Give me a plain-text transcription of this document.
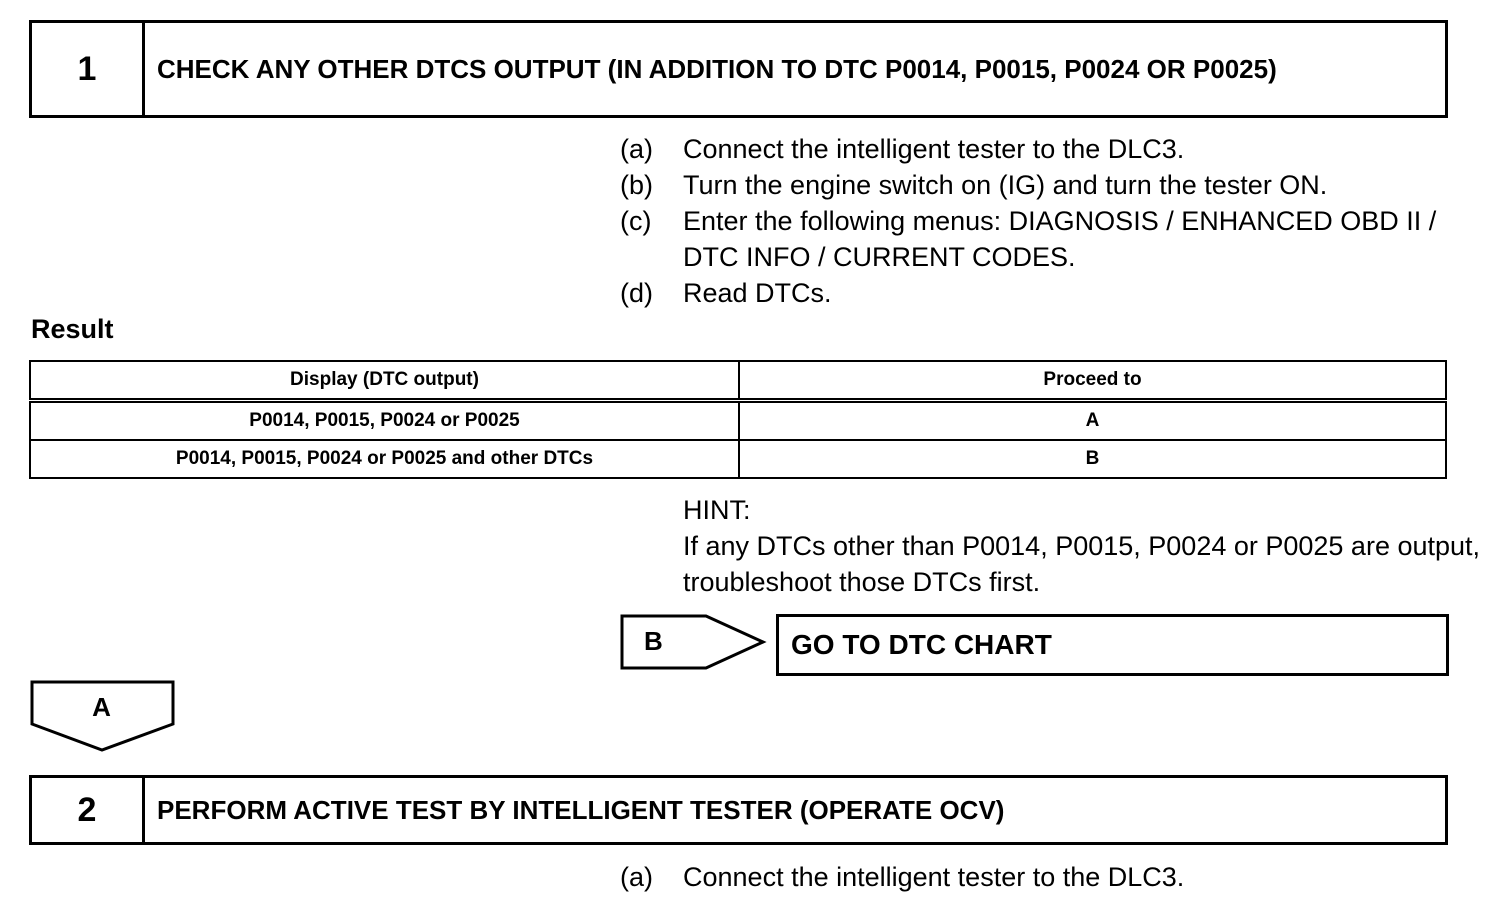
1	CHECK ANY OTHER DTCS OUTPUT (IN ADDITION TO DTC P0014, P0015, P0024 OR P0025)
(a)	Connect the intelligent tester to the DLC3.
(b)	Turn the engine switch on (IG) and turn the tester ON.
(c)	Enter the following menus: DIAGNOSIS / ENHANCED OBD II / DTC INFO / CURRENT CODES.
(d)	Read DTCs.
Result
Display (DTC output)	Proceed to
P0014, P0015, P0024 or P0025	A
P0014, P0015, P0024 or P0025 and other DTCs	B
HINT:
If any DTCs other than P0014, P0015, P0024 or P0025 are output, troubleshoot those DTCs first.
B	GO TO DTC CHART
A
2	PERFORM ACTIVE TEST BY INTELLIGENT TESTER (OPERATE OCV)
(a)	Connect the intelligent tester to the DLC3.
